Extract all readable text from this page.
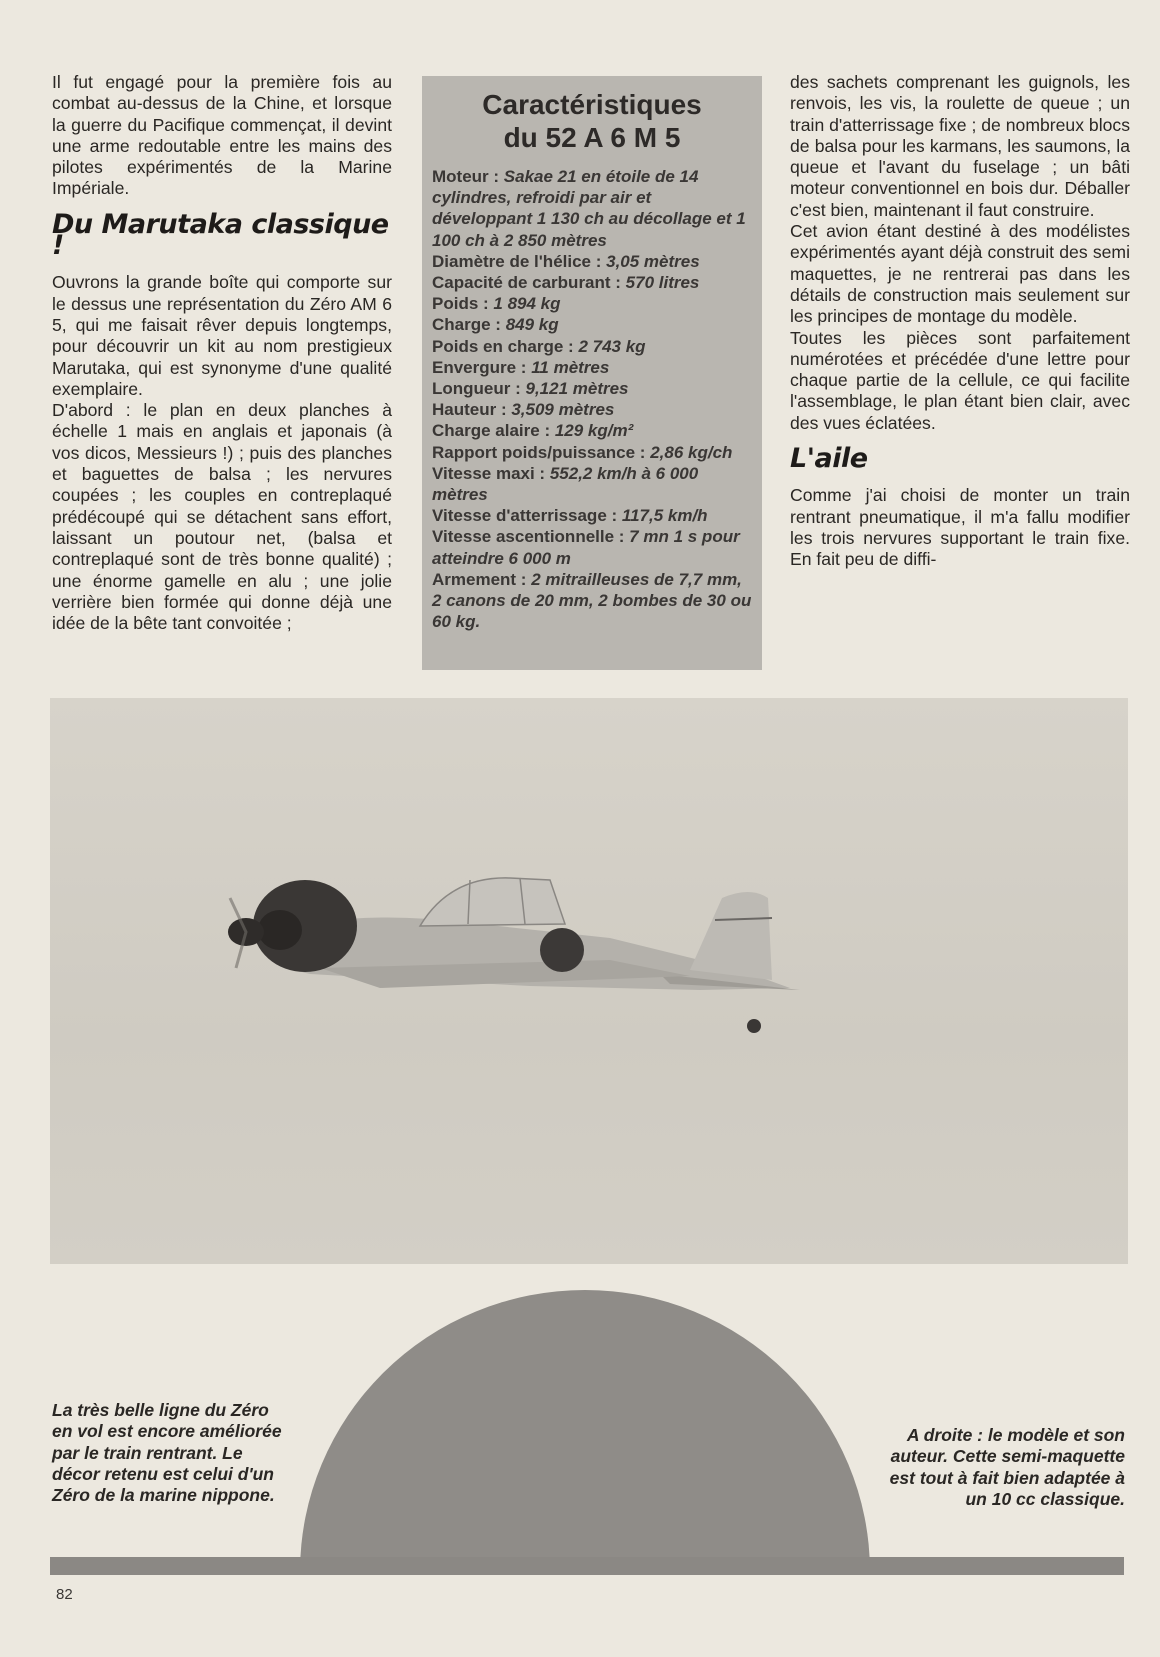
Il fut engagé pour la première fois au combat au-dessus de la Chine, et lorsque la guerre du Pacifique commençat, il devint une arme redoutable entre les mains des pilotes expérimentés de la Marine Impériale.

Du Marutaka classique !

Ouvrons la grande boîte qui comporte sur le dessus une représentation du Zéro AM 6 5, qui me faisait rêver depuis longtemps, pour découvrir un kit au nom prestigieux Marutaka, qui est synonyme d'une qualité exemplaire.

D'abord : le plan en deux planches à échelle 1 mais en anglais et japonais (à vos dicos, Messieurs !) ; puis des planches et baguettes de balsa ; les nervures coupées ; les couples en contreplaqué prédécoupé qui se détachent sans effort, laissant un poutour net, (balsa et contreplaqué sont de très bonne qualité) ; une énorme gamelle en alu ; une jolie verrière bien formée qui donne déjà une idée de la bête tant convoitée ;

Caractéristiques
du 52 A 6 M 5
Moteur : Sakae 21 en étoile de 14 cylindres, refroidi par air et développant 1 130 ch au décollage et 1 100 ch à 2 850 mètres
Diamètre de l'hélice : 3,05 mètres
Capacité de carburant : 570 litres
Poids : 1 894 kg
Charge : 849 kg
Poids en charge : 2 743 kg
Envergure : 11 mètres
Longueur : 9,121 mètres
Hauteur : 3,509 mètres
Charge alaire : 129 kg/m²
Rapport poids/puissance : 2,86 kg/ch
Vitesse maxi : 552,2 km/h à 6 000 mètres
Vitesse d'atterrissage : 117,5 km/h
Vitesse ascentionnelle : 7 mn 1 s pour atteindre 6 000 m
Armement : 2 mitrailleuses de 7,7 mm, 2 canons de 20 mm, 2 bombes de 30 ou 60 kg.

des sachets comprenant les guignols, les renvois, les vis, la roulette de queue ; un train d'atterrissage fixe ; de nombreux blocs de balsa pour les karmans, les saumons, la queue et l'avant du fuselage ; un bâti moteur conventionnel en bois dur. Déballer c'est bien, maintenant il faut construire.

Cet avion étant destiné à des modélistes expérimentés ayant déjà construit des semi maquettes, je ne rentrerai pas dans les détails de construction mais seulement sur les principes de montage du modèle.

Toutes les pièces sont parfaitement numérotées et précédée d'une lettre pour chaque partie de la cellule, ce qui facilite l'assemblage, le plan étant bien clair, avec des vues éclatées.

L'aile

Comme j'ai choisi de monter un train rentrant pneumatique, il m'a fallu modifier les trois nervures supportant le train fixe. En fait peu de diffi-

La très belle ligne du Zéro en vol est encore améliorée par le train rentrant. Le décor retenu est celui d'un Zéro de la marine nippone.
A droite : le modèle et son auteur. Cette semi-maquette est tout à fait bien adaptée à un 10 cc classique.
82
